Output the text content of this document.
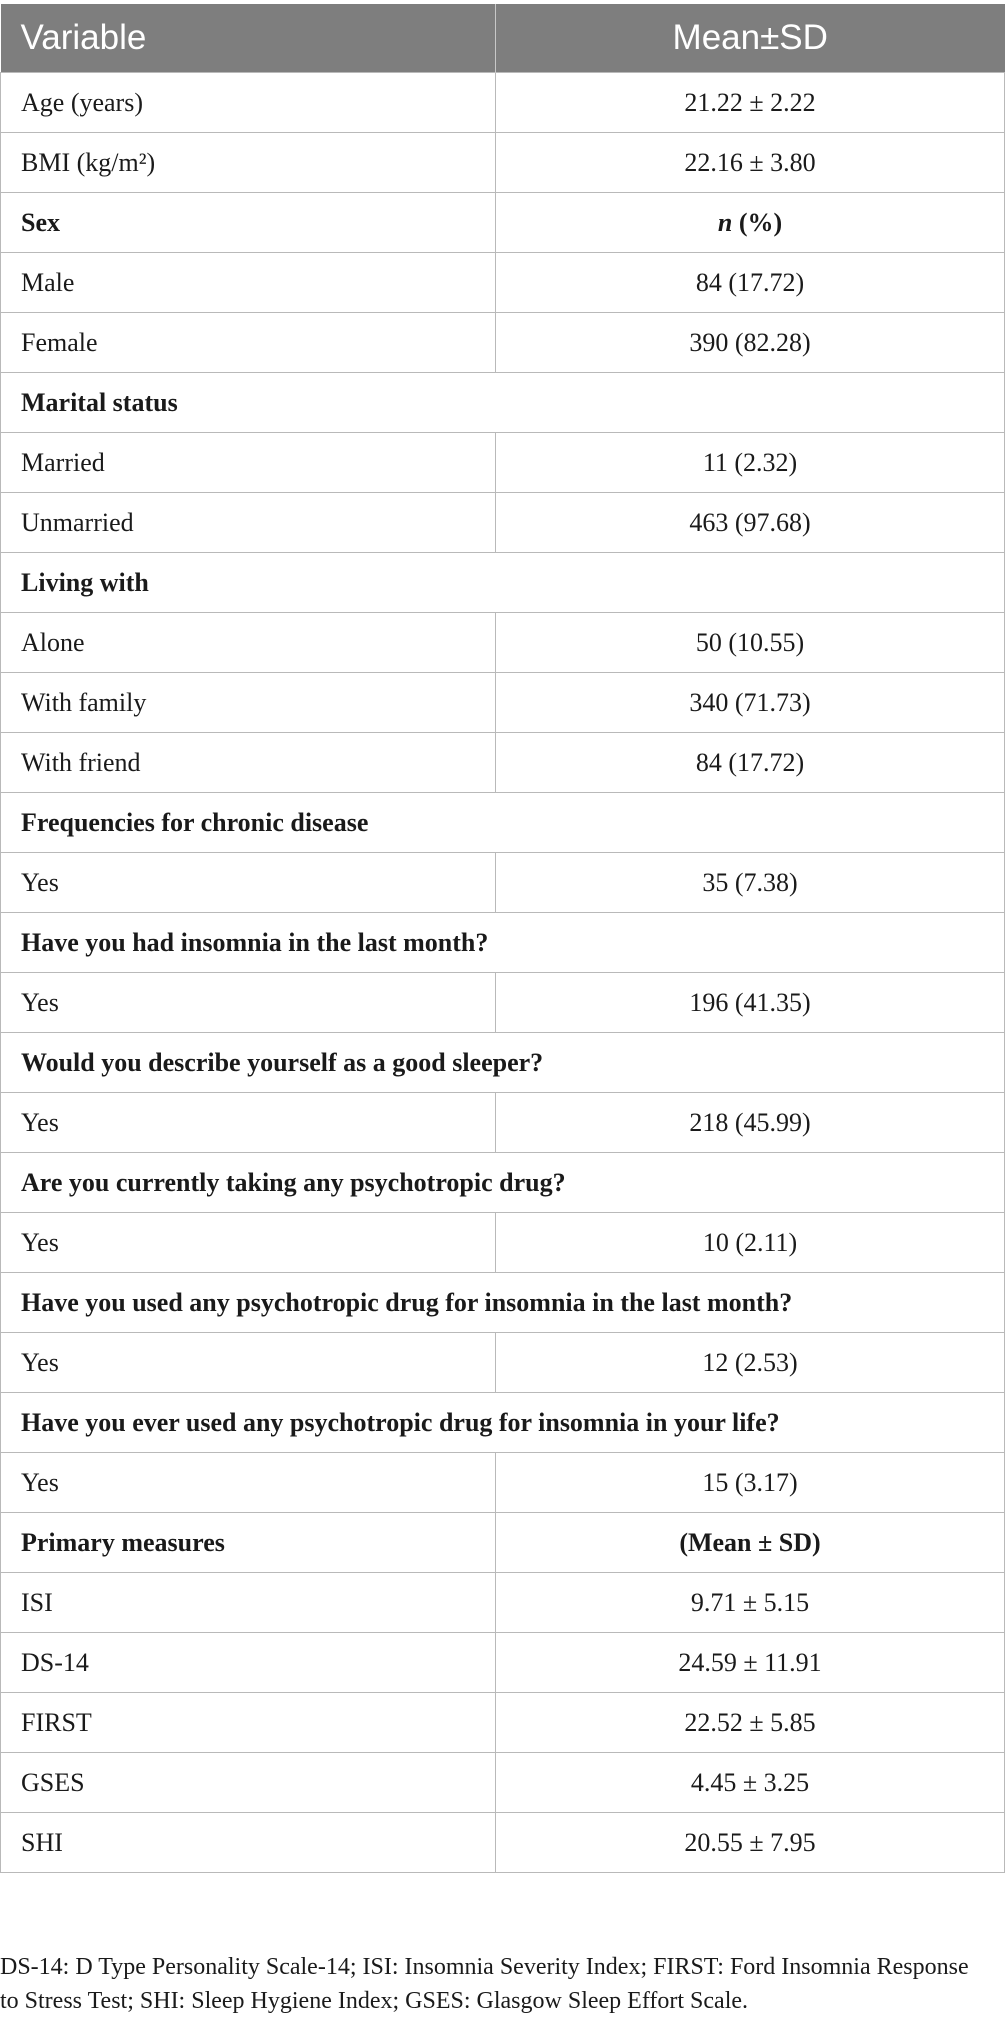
Variable	Mean±SD
Age (years)	21.22 ± 2.22
BMI (kg/m²)	22.16 ± 3.80
Sex	n (%)
Male	84 (17.72)
Female	390 (82.28)
Marital status	
Married	11 (2.32)
Unmarried	463 (97.68)
Living with	
Alone	50 (10.55)
With family	340 (71.73)
With friend	84 (17.72)
Frequencies for chronic disease	
Yes	35 (7.38)
Have you had insomnia in the last month?	
Yes	196 (41.35)
Would you describe yourself as a good sleeper?	
Yes	218 (45.99)
Are you currently taking any psychotropic drug?	
Yes	10 (2.11)
Have you used any psychotropic drug for insomnia in the last month?	
Yes	12 (2.53)
Have you ever used any psychotropic drug for insomnia in your life?	
Yes	15 (3.17)
Primary measures	(Mean ± SD)
ISI	9.71 ± 5.15
DS-14	24.59 ± 11.91
FIRST	22.52 ± 5.85
GSES	4.45 ± 3.25
SHI	20.55 ± 7.95
DS-14: D Type Personality Scale-14; ISI: Insomnia Severity Index; FIRST: Ford Insomnia Response to Stress Test; SHI: Sleep Hygiene Index; GSES: Glasgow Sleep Effort Scale.
